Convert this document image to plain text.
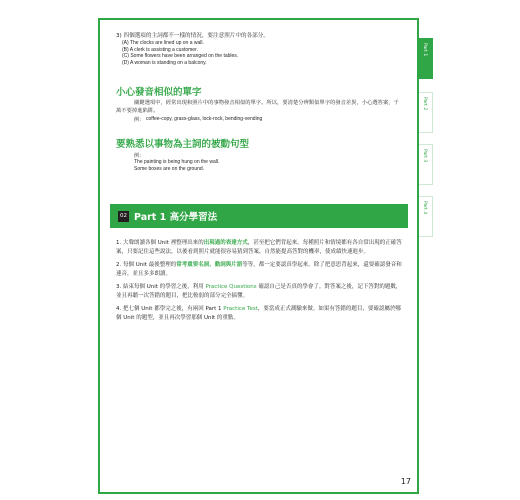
3) 四個選項的主詞都不一樣的情況，要注意照片中的各部分。
(A) The clocks are lined up on a wall.
(B) A clerk is assisting a customer.
(C) Some flowers have been arranged on the tables.
(D) A woman is standing on a balcony.
小心發音相似的單字
關鍵選項中，經常出現和照片中的事物發音相似的單字。所以，要清楚分辨類似單字的發音差異，小心選答案，千萬不要掉進陷阱。
例： coffee-copy, grass-glass, lock-rock, bending-vending
要熟悉以事物為主詞的被動句型
例：
The painting is being hung on the wall.
Some boxes are on the ground.
02 Part 1 高分學習法
1. 大聲朗讀各個 Unit 裡整理出來的出現過的表達方式，甚至把它們背起來。每種照片和情境都有各自常出現的正確答案，只要記住這些說法，以後看到照片就能很容易猜到答案，自然能提高答對的機率，使成績快速進步。
2. 每個 Unit 最後整理的常考重要名詞、動詞與片語等等，都一定要認真學起來。除了把意思背起來，還要確認發音和連音，並且多多朗讀。
3. 結束每個 Unit 的學習之後，利用 Practice Questions 確認自己是否真的學會了。對答案之後，記下答對的題數，並且再聽一次答錯的題目，把比較弱的部分完全搞懂。
4. 把七個 Unit 都學完之後，有兩回 Part 1 Practice Test，要當成正式測驗來做。如果有答錯的題目，要確認屬於哪個 Unit 的題型，並且再次學習那個 Unit 的重點。
17
Part 1
Part 2
Part 3
Part 4
